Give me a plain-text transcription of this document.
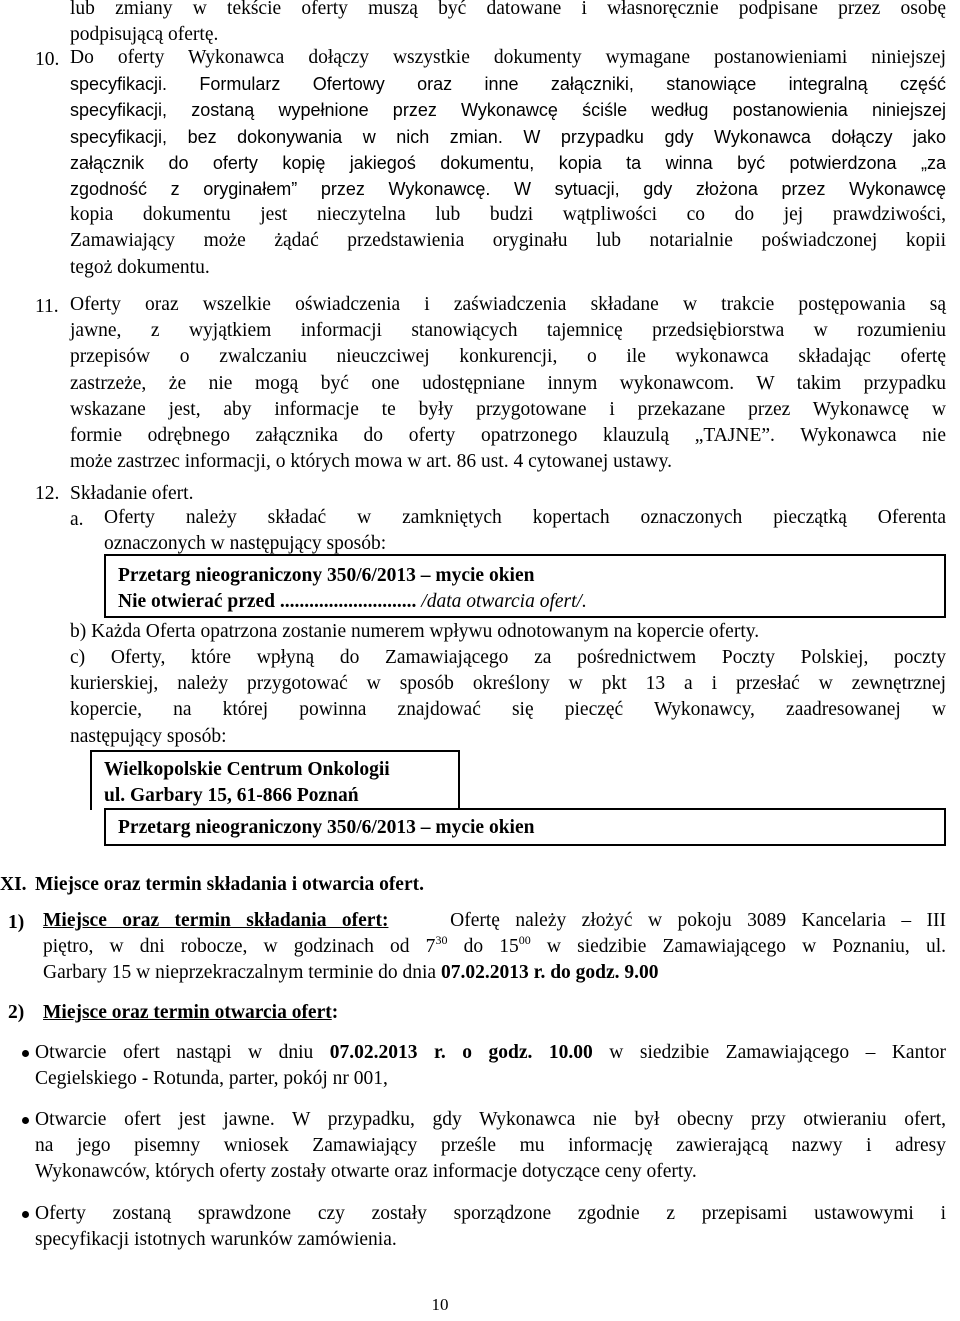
lub zmiany w tekście oferty muszą być datowane i własnoręcznie podpisane przez osobę
podpisującą ofertę.
10. Do oferty Wykonawca dołączy wszystkie dokumenty wymagane postanowieniami niniejszej
specyfikacji. Formularz Ofertowy oraz inne załączniki, stanowiące integralną część
specyfikacji, zostaną wypełnione przez Wykonawcę ściśle według postanowienia niniejszej
specyfikacji, bez dokonywania w nich zmian. W przypadku gdy Wykonawca dołączy jako
załącznik do oferty kopię jakiegoś dokumentu, kopia ta winna być potwierdzona „za
zgodność z oryginałem” przez Wykonawcę. W sytuacji, gdy złożona przez Wykonawcę
kopia dokumentu jest nieczytelna lub budzi wątpliwości co do jej prawdziwości,
Zamawiający może żądać przedstawienia oryginału lub notarialnie poświadczonej kopii
tegoż dokumentu.
11. Oferty oraz wszelkie oświadczenia i zaświadczenia składane w trakcie postępowania są
jawne, z wyjątkiem informacji stanowiących tajemnicę przedsiębiorstwa w rozumieniu
przepisów o zwalczaniu nieuczciwej konkurencji, o ile wykonawca składając ofertę
zastrzeże, że nie mogą być one udostępniane innym wykonawcom. W takim przypadku
wskazane jest, aby informacje te były przygotowane i przekazane przez Wykonawcę w
formie odrębnego załącznika do oferty opatrzonego klauzulą „TAJNE”. Wykonawca nie
może zastrzec informacji, o których mowa w art. 86 ust. 4 cytowanej ustawy.
12. Składanie ofert.
a. Oferty należy składać w zamkniętych kopertach oznaczonych pieczątką Oferenta
oznaczonych w następujący sposób:
Przetarg nieograniczony 350/6/2013 – mycie okien
Nie otwierać przed ............................ /data otwarcia ofert/.
b) Każda Oferta opatrzona zostanie numerem wpływu odnotowanym na kopercie oferty.
c) Oferty, które wpłyną do Zamawiającego za pośrednictwem Poczty Polskiej, poczty
kurierskiej, należy przygotować w sposób określony w pkt 13 a i przesłać w zewnętrznej
kopercie, na której powinna znajdować się pieczęć Wykonawcy, zaadresowanej w
następujący sposób:
Wielkopolskie Centrum Onkologii
ul. Garbary 15, 61-866 Poznań
Przetarg nieograniczony 350/6/2013 – mycie okien
XI. Miejsce oraz termin składania i otwarcia ofert.
1) Miejsce oraz termin składania ofert:	Ofertę należy złożyć w pokoju 3089 Kancelaria – III
piętro, w dni robocze, w godzinach od $7^{30}$ do $15^{00}$ w siedzibie Zamawiającego w Poznaniu, ul.
Garbary 15 w nieprzekraczalnym terminie do dnia 07.02.2013 r. do godz. 9.00
2) Miejsce oraz termin otwarcia ofert:
Otwarcie ofert nastąpi w dniu 07.02.2013 r. o godz. 10.00 w siedzibie Zamawiającego – Kantor
Cegielskiego - Rotunda, parter, pokój nr 001,
Otwarcie ofert jest jawne. W przypadku, gdy Wykonawca nie był obecny przy otwieraniu ofert,
na jego pisemny wniosek Zamawiający prześle mu informację zawierającą nazwy i adresy
Wykonawców, których oferty zostały otwarte oraz informacje dotyczące ceny oferty.
Oferty zostaną sprawdzone czy zostały sporządzone zgodnie z przepisami ustawowymi i
specyfikacji istotnych warunków zamówienia.
10
